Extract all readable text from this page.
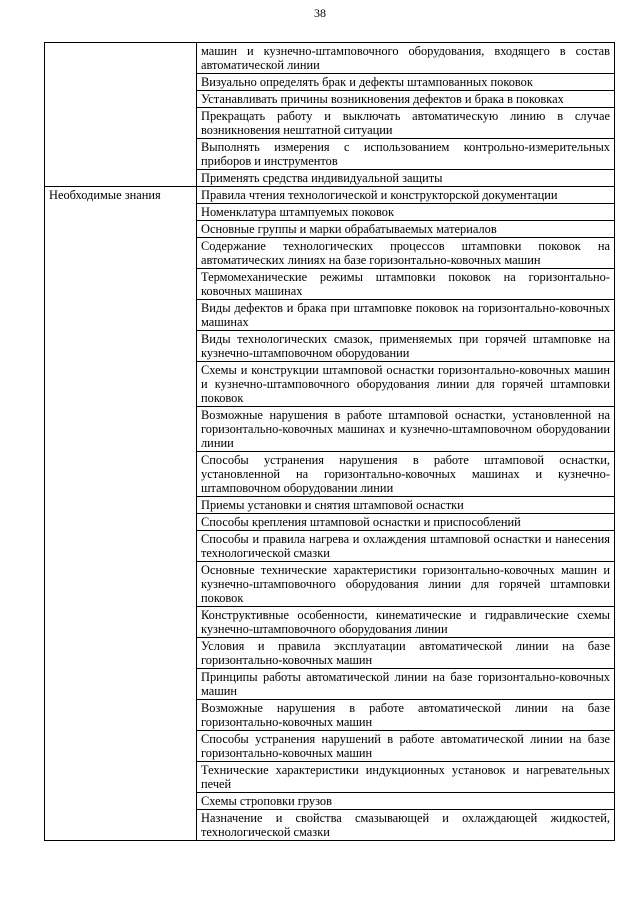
38
	машин и кузнечно-штамповочного оборудования, входящего в состав автоматической линии
	Визуально определять брак и дефекты штампованных поковок
	Устанавливать причины возникновения дефектов и брака в поковках
	Прекращать работу и выключать автоматическую линию в случае возникновения нештатной ситуации
	Выполнять измерения с использованием контрольно-измерительных приборов и инструментов
	Применять средства индивидуальной защиты
Необходимые знания	Правила чтения технологической и конструкторской документации
	Номенклатура штампуемых поковок
	Основные группы и марки обрабатываемых материалов
	Содержание технологических процессов штамповки поковок на автоматических линиях на базе горизонтально-ковочных машин
	Термомеханические режимы штамповки поковок на горизонтально-ковочных машинах
	Виды дефектов и брака при штамповке поковок на горизонтально-ковочных машинах
	Виды технологических смазок, применяемых при горячей штамповке на кузнечно-штамповочном оборудовании
	Схемы и конструкции штамповой оснастки горизонтально-ковочных машин и кузнечно-штамповочного оборудования линии для горячей штамповки поковок
	Возможные нарушения в работе штамповой оснастки, установленной на горизонтально-ковочных машинах и кузнечно-штамповочном оборудовании линии
	Способы устранения нарушения в работе штамповой оснастки, установленной на горизонтально-ковочных машинах и кузнечно-штамповочном оборудовании линии
	Приемы установки и снятия штамповой оснастки
	Способы крепления штамповой оснастки и приспособлений
	Способы и правила нагрева и охлаждения штамповой оснастки и нанесения технологической смазки
	Основные технические характеристики горизонтально-ковочных машин и кузнечно-штамповочного оборудования линии для горячей штамповки поковок
	Конструктивные особенности, кинематические и гидравлические схемы кузнечно-штамповочного оборудования линии
	Условия и правила эксплуатации автоматической линии на базе горизонтально-ковочных машин
	Принципы работы автоматической линии на базе горизонтально-ковочных машин
	Возможные нарушения в работе автоматической линии на базе горизонтально-ковочных машин
	Способы устранения нарушений в работе автоматической линии на базе горизонтально-ковочных машин
	Технические характеристики индукционных установок и нагревательных печей
	Схемы строповки грузов
	Назначение и свойства смазывающей и охлаждающей жидкостей, технологической смазки
